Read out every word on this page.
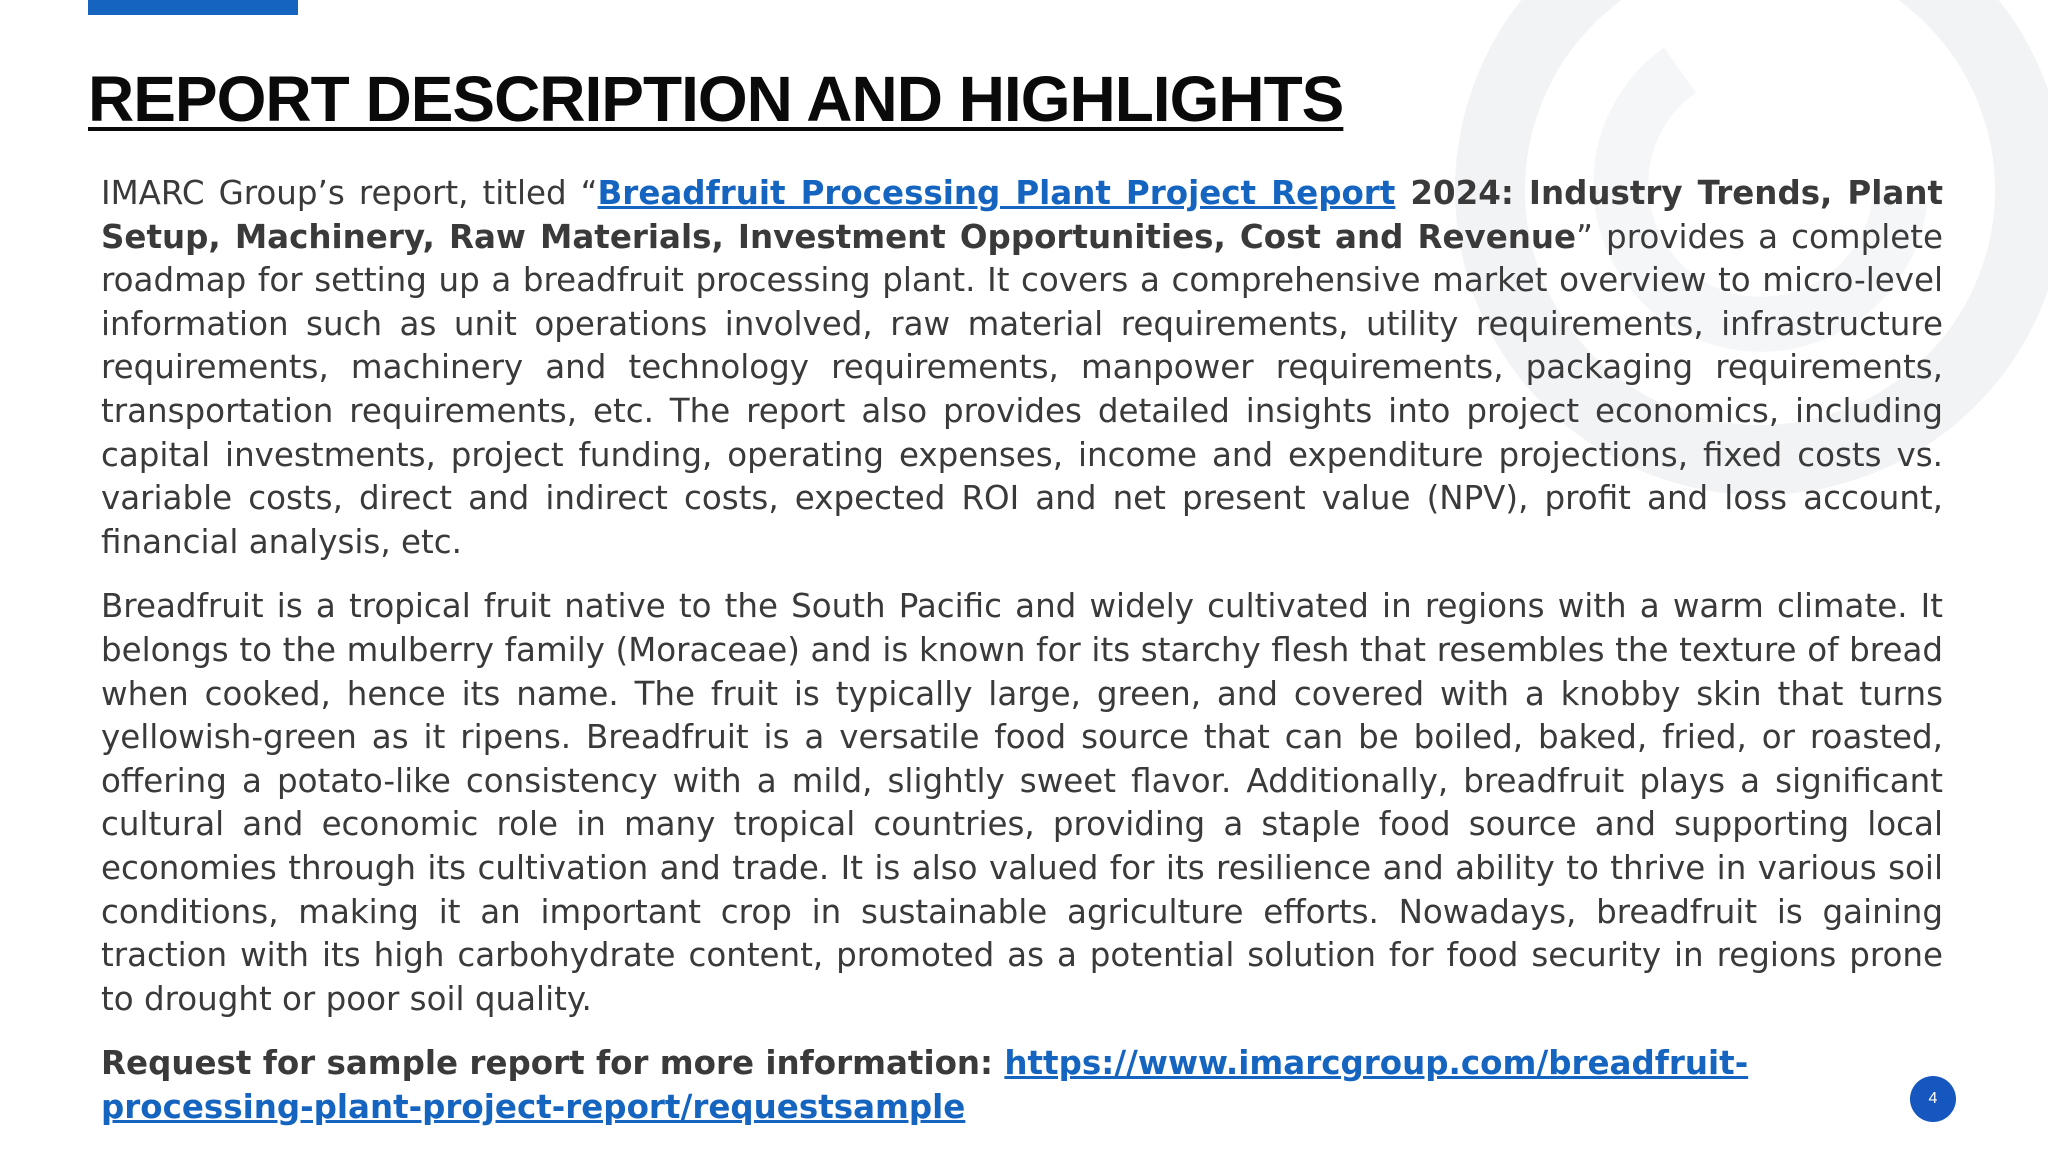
REPORT DESCRIPTION AND HIGHLIGHTS

IMARC Group’s report, titled “Breadfruit Processing Plant Project Report 2024: Industry Trends, Plant Setup, Machinery, Raw Materials, Investment Opportunities, Cost and Revenue” provides a complete roadmap for setting up a breadfruit processing plant. It covers a comprehensive market overview to micro-level information such as unit operations involved, raw material requirements, utility requirements, infrastructure requirements, machinery and technology requirements, manpower requirements, packaging requirements, transportation requirements, etc. The report also provides detailed insights into project economics, including capital investments, project funding, operating expenses, income and expenditure projections, fixed costs vs. variable costs, direct and indirect costs, expected ROI and net present value (NPV), profit and loss account, financial analysis, etc.

Breadfruit is a tropical fruit native to the South Pacific and widely cultivated in regions with a warm climate. It belongs to the mulberry family (Moraceae) and is known for its starchy flesh that resembles the texture of bread when cooked, hence its name. The fruit is typically large, green, and covered with a knobby skin that turns yellowish-green as it ripens. Breadfruit is a versatile food source that can be boiled, baked, fried, or roasted, offering a potato-like consistency with a mild, slightly sweet flavor. Additionally, breadfruit plays a significant cultural and economic role in many tropical countries, providing a staple food source and supporting local economies through its cultivation and trade. It is also valued for its resilience and ability to thrive in various soil conditions, making it an important crop in sustainable agriculture efforts. Nowadays, breadfruit is gaining traction with its high carbohydrate content, promoted as a potential solution for food security in regions prone to drought or poor soil quality.

Request for sample report for more information: https://www.imarcgroup.com/breadfruit-processing-plant-project-report/requestsample	4
